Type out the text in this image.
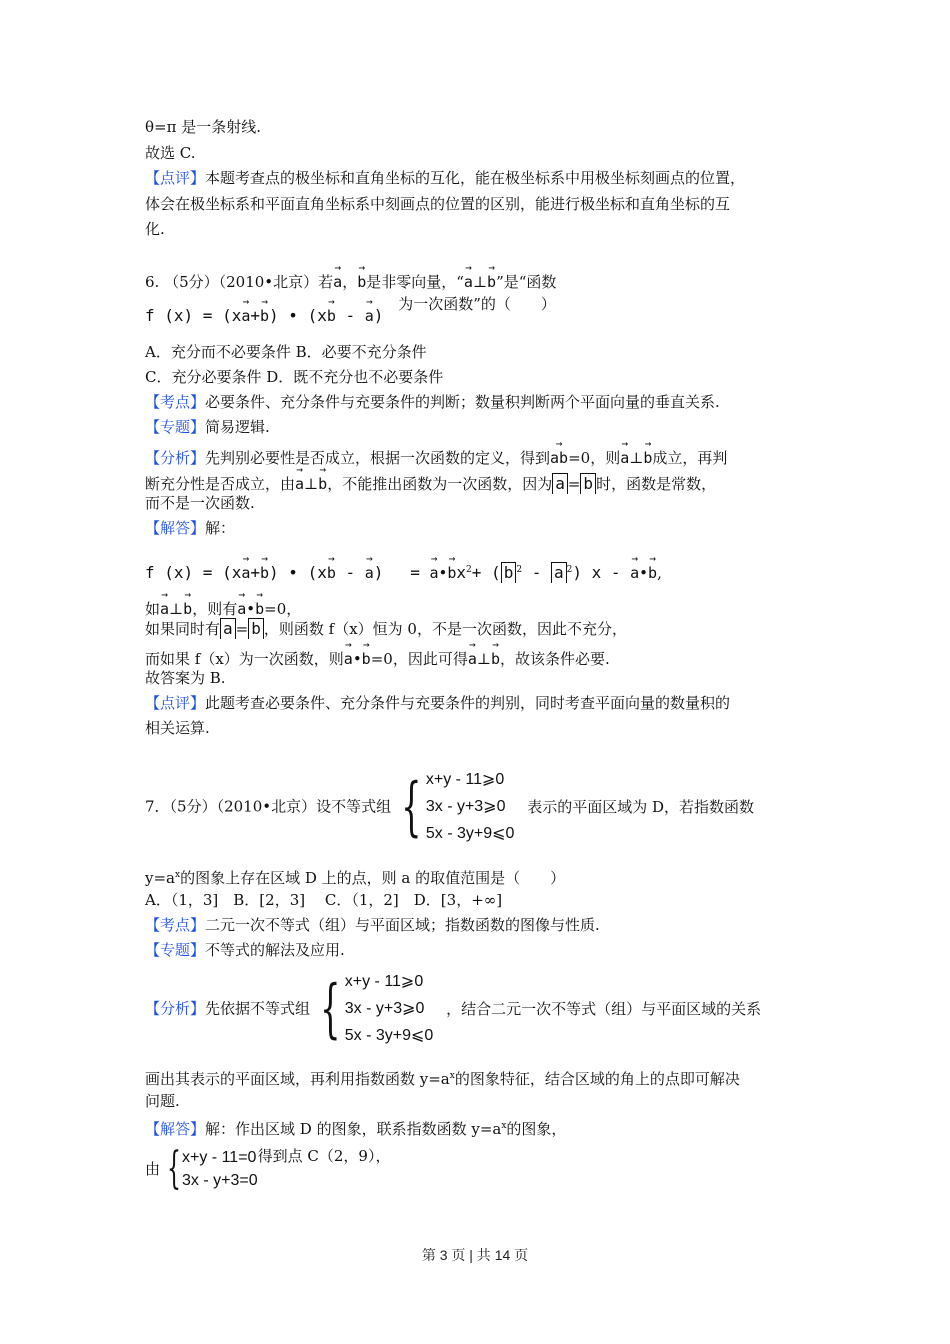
θ=π 是一条射线.
故选 C.
【点评】本题考查点的极坐标和直角坐标的互化，能在极坐标系中用极坐标刻画点的位置，
体会在极坐标系和平面直角坐标系中刻画点的位置的区别，能进行极坐标和直角坐标的互
化.
6. （5分）（2010•北京）若→ a，→ b是非零向量，“→ a⊥→ b”是“函数
f (x) = (x→ a+→ b) • (x→ b - → a) 为一次函数”的（　　）
A．充分而不必要条件 B．必要不充分条件
C．充分必要条件 D．既不充分也不必要条件
【考点】必要条件、充分条件与充要条件的判断；数量积判断两个平面向量的垂直关系.
【专题】简易逻辑.
【分析】先判别必要性是否成立，根据一次函数的定义，得到→ ab=0，则→ a⊥→ b成立，再判
断充分性是否成立，由→ a⊥→ b，不能推出函数为一次函数，因为 a = b 时，函数是常数，
而不是一次函数.
【解答】解：
f (x) = (x→ a+→ b) • (x→ b - → a) = → a•→ $bx^2+$ ( b $^2$ - a $^2$) x - → a•→ b,
如→ a⊥→ b，则有→ a•→ b=0，
如果同时有 a = b ，则函数 f（x）恒为 0，不是一次函数，因此不充分，
而如果 f（x）为一次函数，则→ a•→ b=0，因此可得→ a⊥→ b，故该条件必要.
故答案为 B.
【点评】此题考查必要条件、充分条件与充要条件的判别，同时考查平面向量的数量积的
相关运算.
7．（5分）（2010•北京）设不等式组 { x+y - 11⩾0
3x - y+3⩾0
5x - 3y+9⩽0
表示的平面区域为 D，若指数函数
$y=a^x$的图象上存在区域 D 上的点，则 a 的取值范围是（　　）
A．（1，3]　B．[2，3]　 C．（1，2]　D．[3，+∞]
【考点】二元一次不等式（组）与平面区域；指数函数的图像与性质.
【专题】不等式的解法及应用.
【分析】先依据不等式组 { x+y - 11⩾0
3x - y+3⩾0
5x - 3y+9⩽0
，结合二元一次不等式（组）与平面区域的关系
画出其表示的平面区域，再利用指数函数 $y=a^x$的图象特征，结合区域的角上的点即可解决
问题.
【解答】解：作出区域 D 的图象，联系指数函数 $y=a^x$的图象，
由 { x+y - 11=0
3x - y+3=0
得到点 C（2，9），
第 3 页 | 共 14 页
